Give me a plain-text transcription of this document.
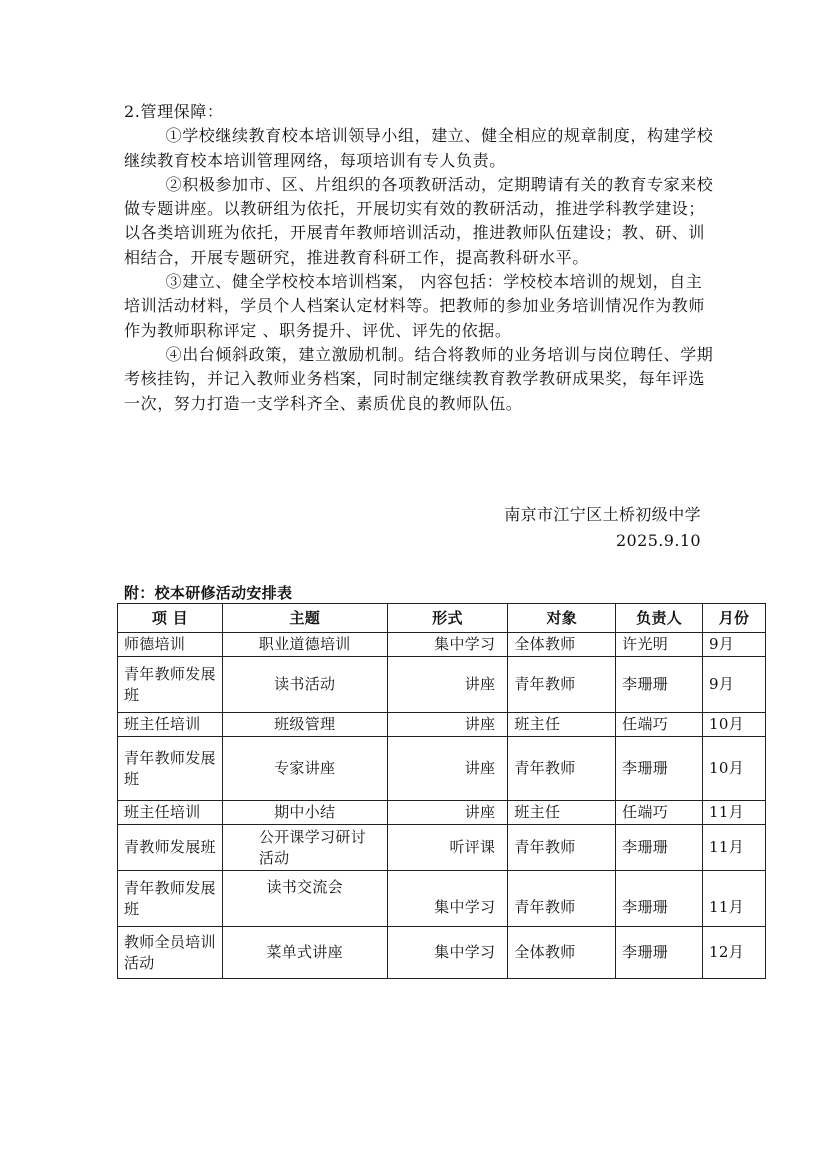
2.管理保障：

①学校继续教育校本培训领导小组，建立、健全相应的规章制度，构建学校继续教育校本培训管理网络，每项培训有专人负责。

②积极参加市、区、片组织的各项教研活动，定期聘请有关的教育专家来校做专题讲座。以教研组为依托，开展切实有效的教研活动，推进学科教学建设；以各类培训班为依托，开展青年教师培训活动，推进教师队伍建设；教、研、训相结合，开展专题研究，推进教育科研工作，提高教科研水平。

③建立、健全学校校本培训档案， 内容包括：学校校本培训的规划，自主培训活动材料，学员个人档案认定材料等。把教师的参加业务培训情况作为教师作为教师职称评定 、职务提升、评优、评先的依据。

④出台倾斜政策，建立激励机制。结合将教师的业务培训与岗位聘任、学期考核挂钩，并记入教师业务档案，同时制定继续教育教学教研成果奖，每年评选一次，努力打造一支学科齐全、素质优良的教师队伍。

南京市江宁区土桥初级中学
2025.9.10
附：校本研修活动安排表
项 目	主题	形式	对象	负责人	月份
师德培训	职业道德培训	集中学习	全体教师	许光明	9月
青年教师发展班	读书活动	讲座	青年教师	李珊珊	9月
班主任培训	班级管理	讲座	班主任	任端巧	10月
青年教师发展班	专家讲座	讲座	青年教师	李珊珊	10月
班主任培训	期中小结	讲座	班主任	任端巧	11月
青教师发展班	公开课学习研讨活动	听评课	青年教师	李珊珊	11月
青年教师发展班	读书交流会	集中学习	青年教师	李珊珊	11月
教师全员培训活动	菜单式讲座	集中学习	全体教师	李珊珊	12月
